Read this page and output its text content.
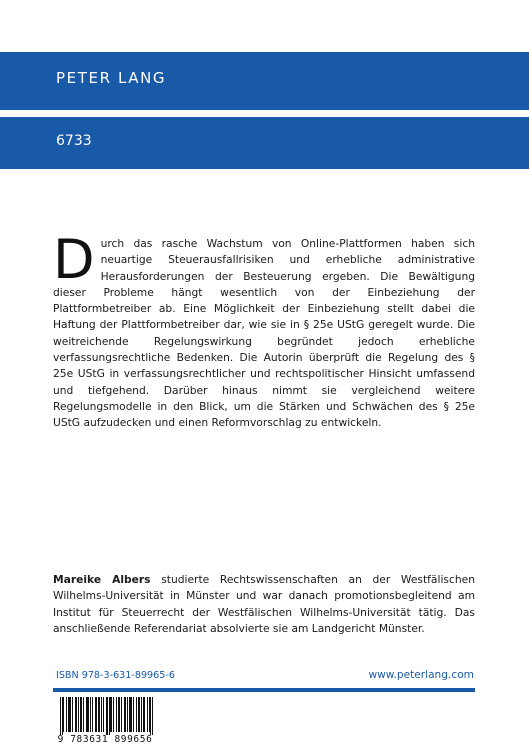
PETER LANG
6733
Durch das rasche Wachstum von Online-Plattformen haben sich neuartige Steuerausfallrisiken und erhebliche administrative Herausforderungen der Besteuerung ergeben. Die Bewältigung dieser Probleme hängt wesentlich von der Einbeziehung der Plattformbetreiber ab. Eine Möglichkeit der Einbeziehung stellt dabei die Haftung der Plattformbetreiber dar, wie sie in § 25e UStG geregelt wurde. Die weitreichende Regelungswirkung begründet jedoch erhebliche verfassungsrechtliche Bedenken. Die Autorin überprüft die Regelung des § 25e UStG in verfassungsrechtlicher und rechtspolitischer Hinsicht umfassend und tiefgehend. Darüber hinaus nimmt sie vergleichend weitere Regelungsmodelle in den Blick, um die Stärken und Schwächen des § 25e UStG aufzudecken und einen Reformvorschlag zu entwickeln.
Mareike Albers studierte Rechtswissenschaften an der Westfälischen Wilhelms-Universität in Münster und war danach promotionsbegleitend am Institut für Steuerrecht der Westfälischen Wilhelms-Universität tätig. Das anschließende Referendariat absolvierte sie am Landgericht Münster.
ISBN 978-3-631-89965-6	www.peterlang.com
9 783631 899656
